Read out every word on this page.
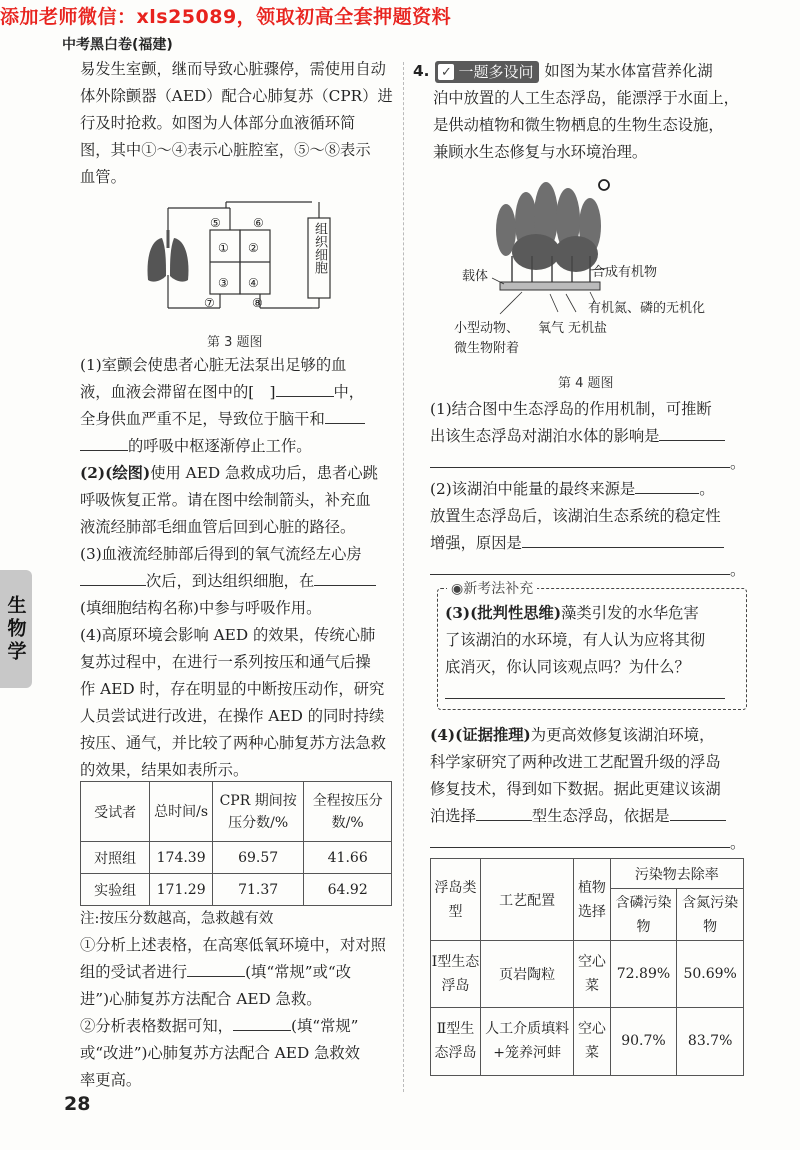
添加老师微信：xls25089，领取初高全套押题资料
中考黑白卷(福建)
易发生室颤，继而导致心脏骤停，需使用自动
体外除颤器（AED）配合心肺复苏（CPR）进
行及时抢救。如图为人体部分血液循环简
图，其中①～④表示心脏腔室，⑤～⑧表示
血管。
⑤	⑥
① ②
③ ④
⑦	⑧
组织细胞
第 3 题图
(1)室颤会使患者心脏无法泵出足够的血
液，血液会滞留在图中的[　]	中，
全身供血严重不足，导致位于脑干和
的呼吸中枢逐渐停止工作。
(2)(绘图)使用 AED 急救成功后，患者心跳
呼吸恢复正常。请在图中绘制箭头，补充血
液流经肺部毛细血管后回到心脏的路径。
(3)血液流经肺部后得到的氧气流经左心房
次后，到达组织细胞，在
(填细胞结构名称)中参与呼吸作用。
(4)高原环境会影响 AED 的效果，传统心肺
复苏过程中，在进行一系列按压和通气后操
作 AED 时，存在明显的中断按压动作，研究
人员尝试进行改进，在操作 AED 的同时持续
按压、通气，并比较了两种心肺复苏方法急救
的效果，结果如表所示。
受试者	总时间/s	CPR 期间按压分数/%	全程按压分数/%
对照组	174.39	69.57	41.66
实验组	171.29	71.37	64.92
注:按压分数越高，急救越有效
①分析上述表格，在高寒低氧环境中，对对照
组的受试者进行	(填“常规”或“改
进”)心肺复苏方法配合 AED 急救。
②分析表格数据可知，	(填“常规”
或“改进”)心肺复苏方法配合 AED 急救效
率更高。
生物学
28
4. ✓ 一题多设问 如图为某水体富营养化湖
泊中放置的人工生态浮岛，能漂浮于水面上，
是供动植物和微生物栖息的生物生态设施，
兼顾水生态修复与水环境治理。
载体	合成有机物
有机氮、磷的无机化
小型动物、
微生物附着
氧气 无机盐
第 4 题图
(1)结合图中生态浮岛的作用机制，可推断
出该生态浮岛对湖泊水体的影响是
。
(2)该湖泊中能量的最终来源是	。
放置生态浮岛后，该湖泊生态系统的稳定性
增强，原因是
。
◉新考法补充
(3)(批判性思维)藻类引发的水华危害
了该湖泊的水环境，有人认为应将其彻
底消灭，你认同该观点吗？为什么？
(4)(证据推理)为更高效修复该湖泊环境，
科学家研究了两种改进工艺配置升级的浮岛
修复技术，得到如下数据。据此更建议该湖
泊选择	型生态浮岛，依据是
。
浮岛类型	工艺配置	植物选择	污染物去除率	
			含磷污染物	含氮污染物
Ⅰ型生态浮岛	页岩陶粒	空心菜	72.89%	50.69%
Ⅱ型生态浮岛	人工介质填料+笼养河蚌	空心菜	90.7%	83.7%
